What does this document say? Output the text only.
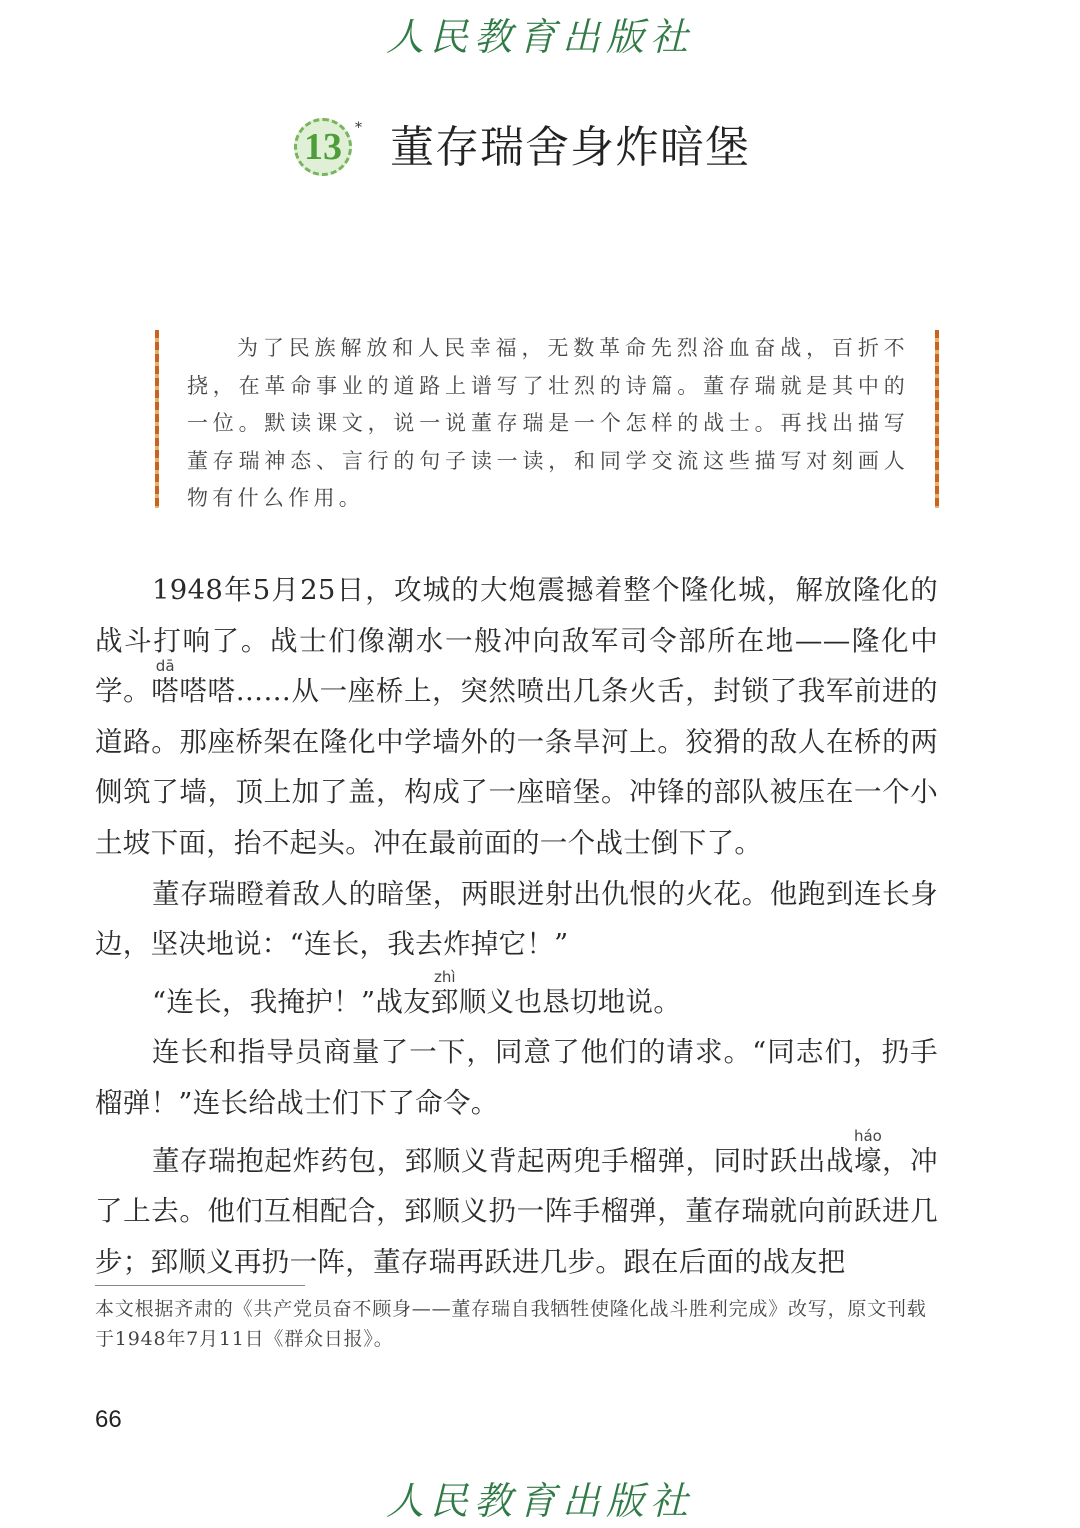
人民教育出版社
13 * 董存瑞舍身炸暗堡
为了民族解放和人民幸福，无数革命先烈浴血奋战，百折不挠，在革命事业的道路上谱写了壮烈的诗篇。董存瑞就是其中的一位。默读课文，说一说董存瑞是一个怎样的战士。再找出描写董存瑞神态、言行的句子读一读，和同学交流这些描写对刻画人物有什么作用。

1948年5月25日，攻城的大炮震撼着整个隆化城，解放隆化的战斗打响了。战士们像潮水一般冲向敌军司令部所在地——隆化中学。嗒dā嗒嗒……从一座桥上，突然喷出几条火舌，封锁了我军前进的道路。那座桥架在隆化中学墙外的一条旱河上。狡猾的敌人在桥的两侧筑了墙，顶上加了盖，构成了一座暗堡。冲锋的部队被压在一个小土坡下面，抬不起头。冲在最前面的一个战士倒下了。

董存瑞瞪着敌人的暗堡，两眼迸射出仇恨的火花。他跑到连长身边，坚决地说：“连长，我去炸掉它！”

“连长，我掩护！”战友郅zhì顺义也恳切地说。

连长和指导员商量了一下，同意了他们的请求。“同志们，扔手榴弹！”连长给战士们下了命令。

董存瑞抱起炸药包，郅顺义背起两兜手榴弹，同时跃出战壕háo，冲了上去。他们互相配合，郅顺义扔一阵手榴弹，董存瑞就向前跃进几步；郅顺义再扔一阵，董存瑞再跃进几步。跟在后面的战友把

本文根据齐肃的《共产党员奋不顾身——董存瑞自我牺牲使隆化战斗胜利完成》改写，原文刊载于1948年7月11日《群众日报》。
66
人民教育出版社
